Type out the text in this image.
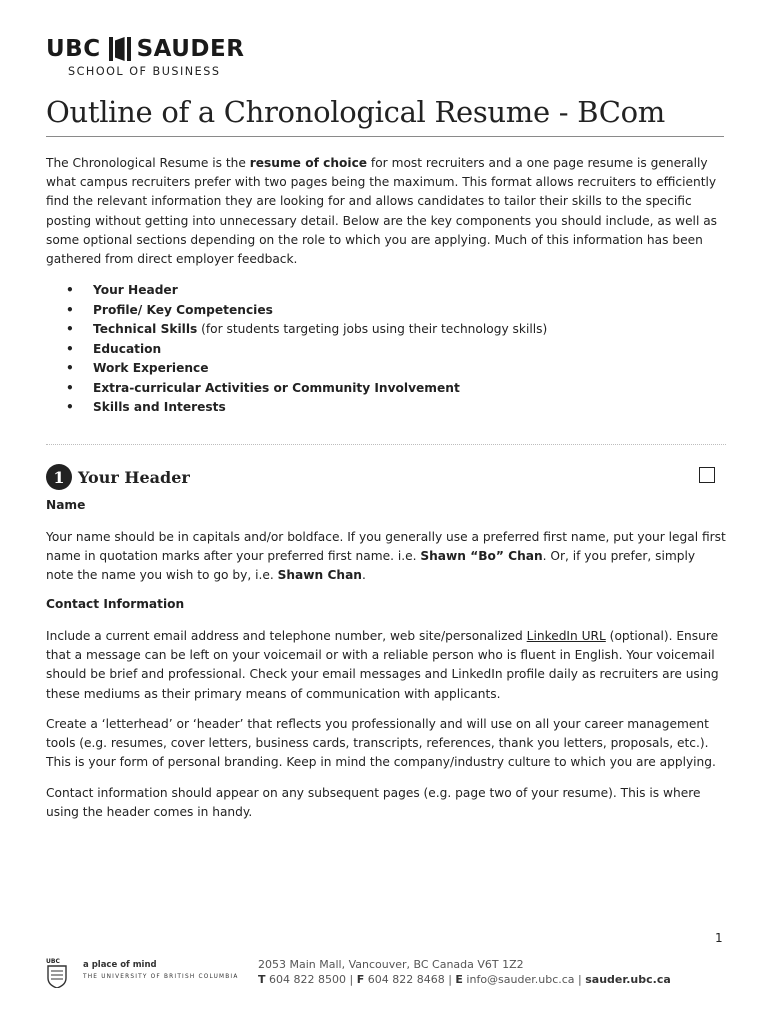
UBC SAUDER
SCHOOL OF BUSINESS
Outline of a Chronological Resume - BCom
The Chronological Resume is the resume of choice for most recruiters and a one page resume is generally what campus recruiters prefer with two pages being the maximum. This format allows recruiters to efficiently find the relevant information they are looking for and allows candidates to tailor their skills to the specific posting without getting into unnecessary detail. Below are the key components you should include, as well as some optional sections depending on the role to which you are applying. Much of this information has been gathered from direct employer feedback.
•	Your Header
•	Profile/ Key Competencies
•	Technical Skills (for students targeting jobs using their technology skills)
•	Education
•	Work Experience
•	Extra-curricular Activities or Community Involvement
•	Skills and Interests
1 Your Header
Name

Your name should be in capitals and/or boldface. If you generally use a preferred first name, put your legal first name in quotation marks after your preferred first name. i.e. Shawn “Bo” Chan. Or, if you prefer, simply note the name you wish to go by, i.e. Shawn Chan.

Contact Information

Include a current email address and telephone number, web site/personalized LinkedIn URL (optional). Ensure that a message can be left on your voicemail or with a reliable person who is fluent in English. Your voicemail should be brief and professional. Check your email messages and LinkedIn profile daily as recruiters are using these mediums as their primary means of communication with applicants.

Create a ‘letterhead’ or ‘header’ that reflects you professionally and will use on all your career management tools (e.g. resumes, cover letters, business cards, transcripts, references, thank you letters, proposals, etc.). This is your form of personal branding. Keep in mind the company/industry culture to which you are applying.

Contact information should appear on any subsequent pages (e.g. page two of your resume). This is where using the header comes in handy.

1
UBC	a place of mind
THE UNIVERSITY OF BRITISH COLUMBIA
2053 Main Mall, Vancouver, BC Canada V6T 1Z2
T 604 822 8500 | F 604 822 8468 | E info@sauder.ubc.ca | sauder.ubc.ca
